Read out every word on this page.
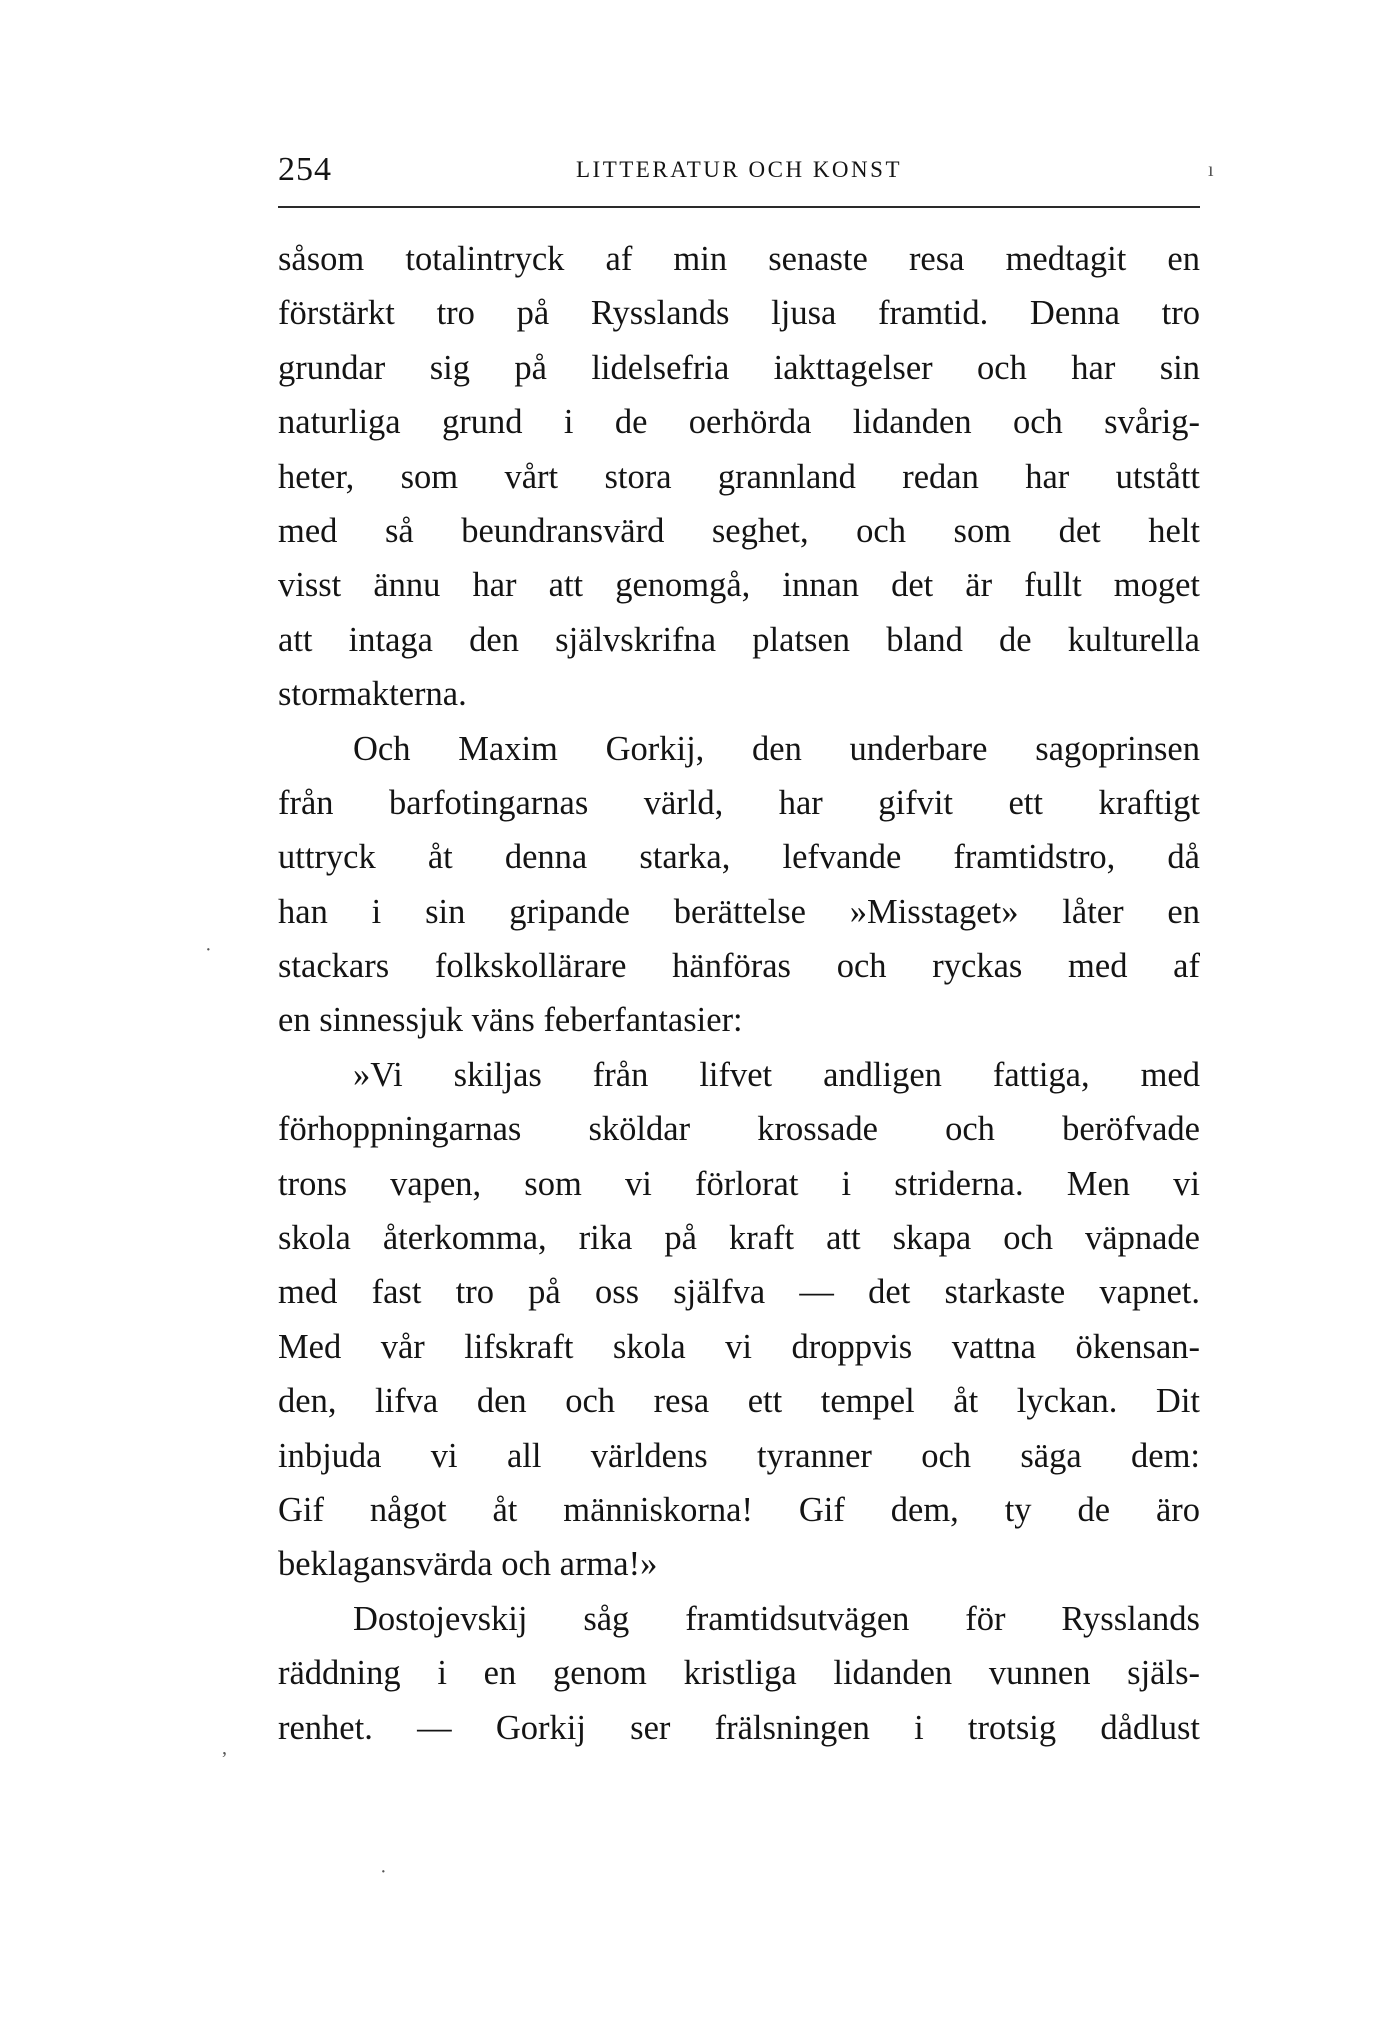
254	LITTERATUR OCH KONST
såsom totalintryck af min senaste resa medtagit en
förstärkt tro på Rysslands ljusa framtid. Denna tro
grundar sig på lidelsefria iakttagelser och har sin
naturliga grund i de oerhörda lidanden och svårig-
heter, som vårt stora grannland redan har utstått
med så beundransvärd seghet, och som det helt
visst ännu har att genomgå, innan det är fullt moget
att intaga den självskrifna platsen bland de kulturella
stormakterna.
Och Maxim Gorkij, den underbare sagoprinsen
från barfotingarnas värld, har gifvit ett kraftigt
uttryck åt denna starka, lefvande framtidstro, då
han i sin gripande berättelse »Misstaget» låter en
stackars folkskollärare hänföras och ryckas med af
en sinnessjuk väns feberfantasier:
»Vi skiljas från lifvet andligen fattiga, med
förhoppningarnas sköldar krossade och beröfvade
trons vapen, som vi förlorat i striderna. Men vi
skola återkomma, rika på kraft att skapa och väpnade
med fast tro på oss själfva — det starkaste vapnet.
Med vår lifskraft skola vi droppvis vattna ökensan-
den, lifva den och resa ett tempel åt lyckan. Dit
inbjuda vi all världens tyranner och säga dem:
Gif något åt människorna! Gif dem, ty de äro
beklagansvärda och arma!»
Dostojevskij såg framtidsutvägen för Rysslands
räddning i en genom kristliga lidanden vunnen själs-
renhet. — Gorkij ser frälsningen i trotsig dådlust
ı
·
,
·
